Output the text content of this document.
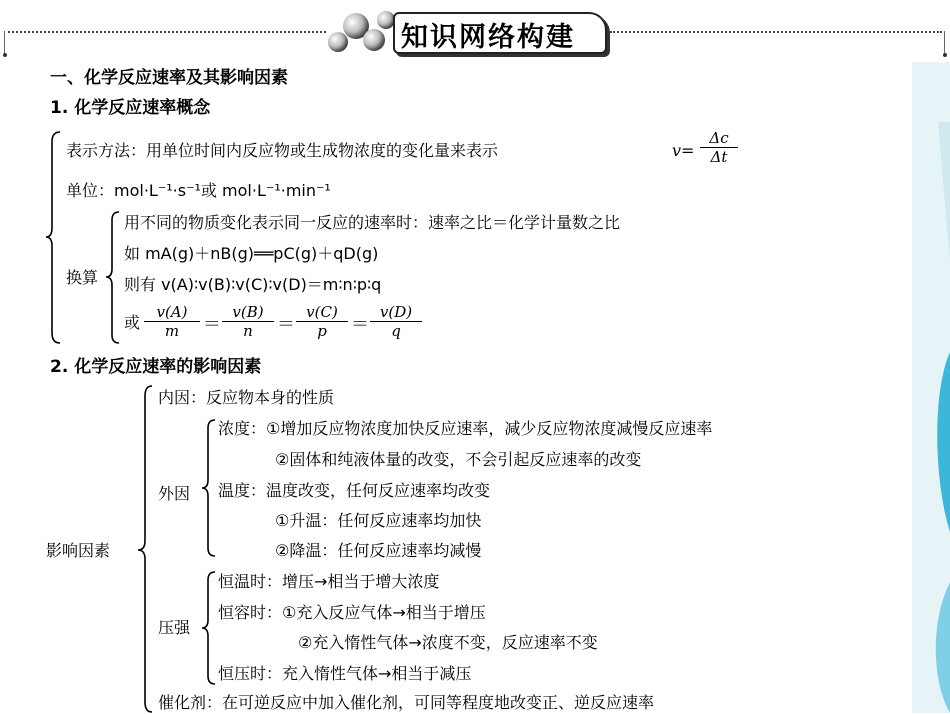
知识网络构建
一、化学反应速率及其影响因素
1. 化学反应速率概念
表示方法：用单位时间内反应物或生成物浓度的变化量来表示	$v= \frac{\Delta c}{\Delta t}$
单位：mol·L⁻¹·s⁻¹或 mol·L⁻¹·min⁻¹
换算
用不同的物质变化表示同一反应的速率时：速率之比＝化学计量数之比
如 mA(g)＋nB(g)══pC(g)＋qD(g)
则有 v(A)∶v(B)∶v(C)∶v(D)＝m∶n∶p∶q
或 $\frac{v(A)}{m} = \frac{v(B)}{n} = \frac{v(C)}{p} = \frac{v(D)}{q}$
2. 化学反应速率的影响因素
影响因素
内因：反应物本身的性质
外因
浓度：①增加反应物浓度加快反应速率，减少反应物浓度减慢反应速率
②固体和纯液体量的改变，不会引起反应速率的改变
温度：温度改变，任何反应速率均改变
①升温：任何反应速率均加快
②降温：任何反应速率均减慢
压强
恒温时：增压→相当于增大浓度
恒容时：①充入反应气体→相当于增压
②充入惰性气体→浓度不变，反应速率不变
恒压时：充入惰性气体→相当于减压
催化剂：在可逆反应中加入催化剂，可同等程度地改变正、逆反应速率
